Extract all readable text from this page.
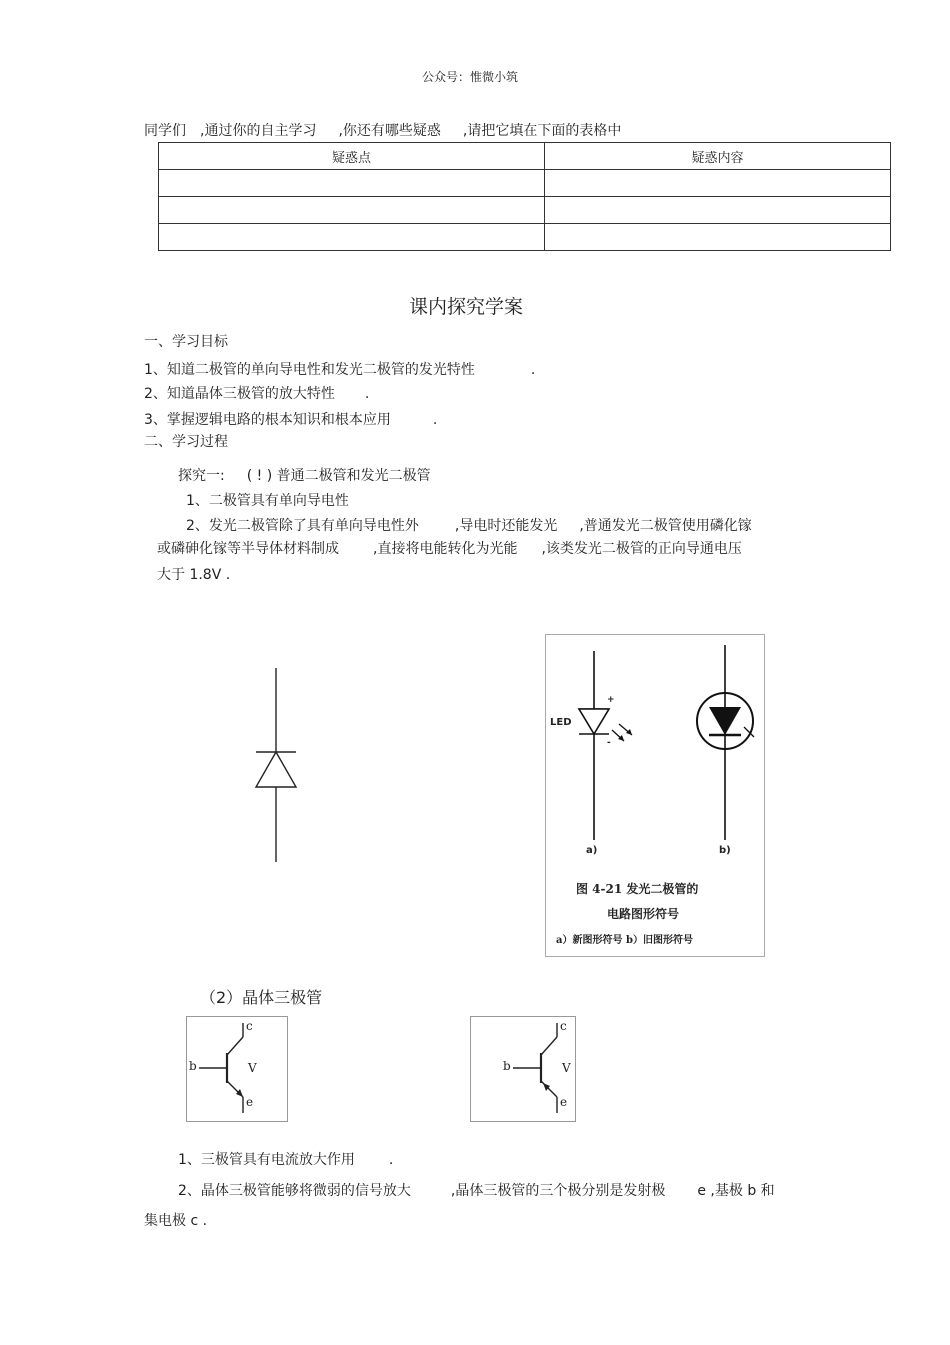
公众号：惟微小筑
同学们 ,通过你的自主学习 ,你还有哪些疑惑 ,请把它填在下面的表格中
疑惑点	疑惑内容

课内探究学案
一、学习目标
1、知道二极管的单向导电性和发光二极管的发光特性	.
2、知道晶体三极管的放大特性 .
3、掌握逻辑电路的根本知识和根本应用	.
二、学习过程
探究一: ( ! ) 普通二极管和发光二极管
1、二极管具有单向导电性
2、发光二极管除了具有单向导电性外	,导电时还能发光 ,普通发光二极管使用磷化镓
或磷砷化镓等半导体材料制成 ,直接将电能转化为光能 ,该类发光二极管的正向导通电压
大于 1.8V .
LED
+
-
a)	b)
图 4-21 发光二极管的
电路图形符号
a）新图形符号 b）旧图形符号
（2）晶体三极管
c
b	V
e
c
b	V
e
1、三极管具有电流放大作用 .
2、晶体三极管能够将微弱的信号放大	,晶体三极管的三个极分别是发射极 e ,基极 b 和
集电极 c .
